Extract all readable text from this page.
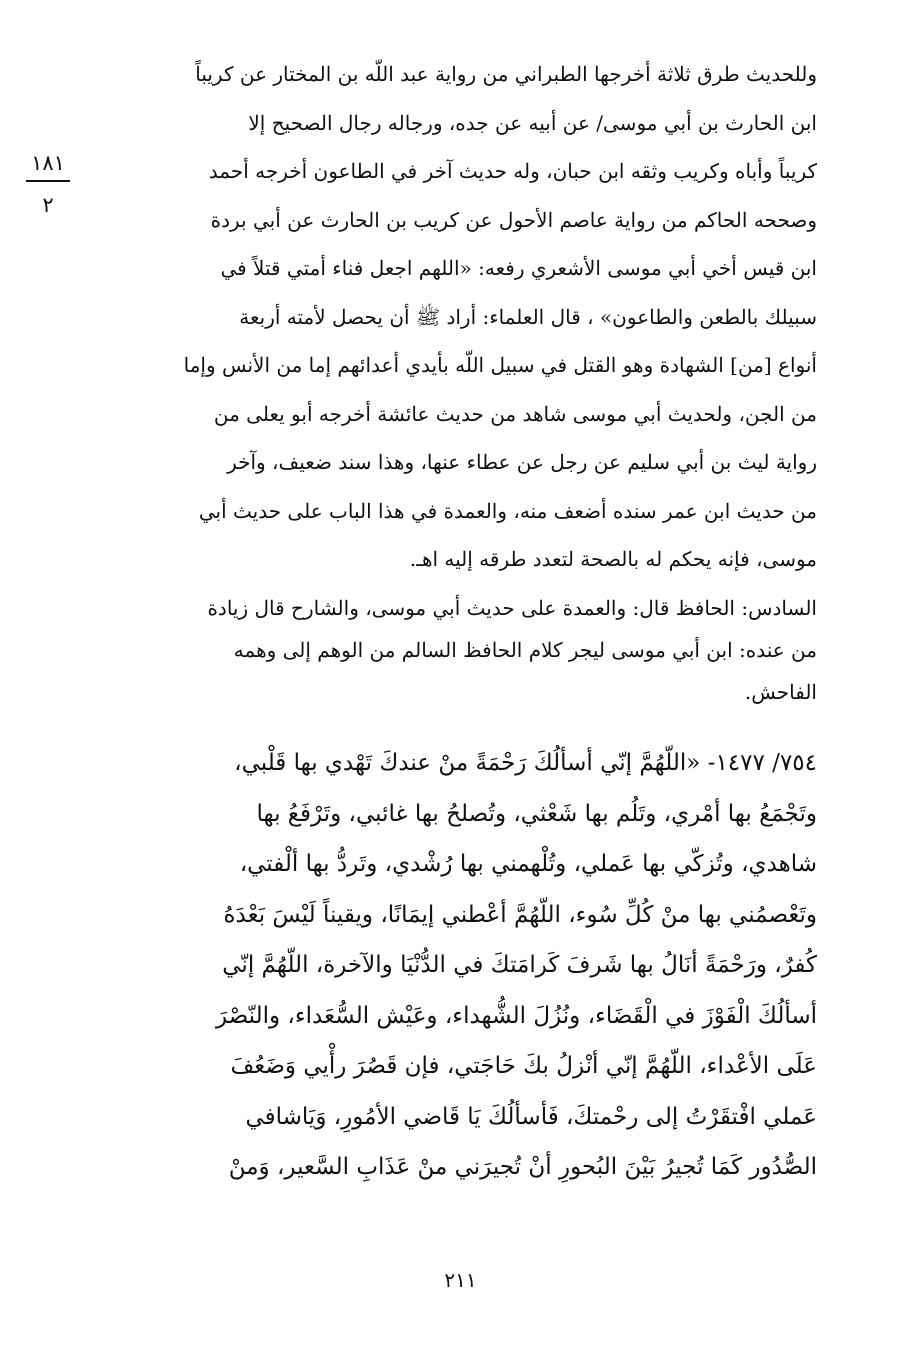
١٨١
٢
وللحديث طرق ثلاثة أخرجها الطبراني من رواية عبد اللّه بن المختار عن كريباً
ابن الحارث بن أبي موسى/ عن أبيه عن جده، ورجاله رجال الصحيح إلا
كريباً وأباه وكريب وثقه ابن حبان، وله حديث آخر في الطاعون أخرجه أحمد
وصححه الحاكم من رواية عاصم الأحول عن كريب بن الحارث عن أبي بردة
ابن قيس أخي أبي موسى الأشعري رفعه: «اللهم اجعل فناء أمتي قتلاً في
سبيلك بالطعن والطاعون» ، قال العلماء: أراد ﷺ أن يحصل لأمته أربعة
أنواع [من] الشهادة وهو القتل في سبيل اللّه بأيدي أعدائهم إما من الأنس وإما
من الجن، ولحديث أبي موسى شاهد من حديث عائشة أخرجه أبو يعلى من
رواية ليث بن أبي سليم عن رجل عن عطاء عنها، وهذا سند ضعيف، وآخر
من حديث ابن عمر سنده أضعف منه، والعمدة في هذا الباب على حديث أبي
موسى، فإنه يحكم له بالصحة لتعدد طرقه إليه اهـ.
السادس: الحافظ قال: والعمدة على حديث أبي موسى، والشارح قال زيادة
من عنده: ابن أبي موسى ليجر كلام الحافظ السالم من الوهم إلى وهمه
الفاحش.
٧٥٤/ ١٤٧٧- «اللّهُمَّ إنّي أسألُكَ رَحْمَةً منْ عندكَ تَهْدي بها قَلْبي،
وتَجْمَعُ بها أمْري، وتَلُم بها شَعْثي، وتُصلحُ بها غائبي، وتَرْفَعُ بها
شاهدي، وتُزكّي بها عَملي، وتُلْهمني بها رُشْدي، وتَردُّ بها ألْفتي،
وتَعْصمُني بها منْ كُلِّ سُوء، اللّهُمَّ أعْطني إيمَانًا، ويقيناً لَيْسَ بَعْدَهُ
كُفرٌ، ورَحْمَةً أنَالُ بها شَرفَ كَرامَتكَ في الدُّنْيَا والآخرة، اللّهُمَّ إنّي
أسألُكَ الْفَوْزَ في الْقَضَاء، ونُزُلَ الشُّهداء، وعَيْش السُّعَداء، والنّصْرَ
عَلَى الأعْداء، اللّهُمَّ إنّي أنْزلُ بكَ حَاجَتي، فإن قَصُرَ رأْيي وَضَعُفَ
عَملي افْتقَرْتُ إلى رحْمتكَ، فَأسألُكَ يَا قَاضي الأمُورِ، وَيَاشافي
الصُّدُور كَمَا تُجيرُ بَيْنَ البُحورِ أنْ تُجيرَني منْ عَذَابِ السَّعير، وَمنْ
٢١١
